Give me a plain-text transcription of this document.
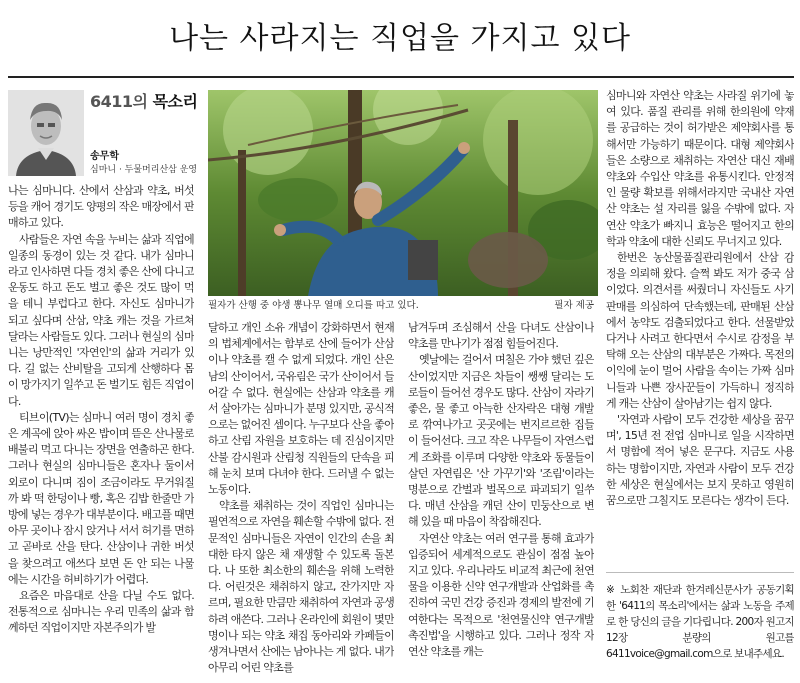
나는 사라지는 직업을 가지고 있다
6411의 목소리
송무학
심마니 · 두물머리산삼 운영
필자가 산행 중 야생 뽕나무 열매 오디를 따고 있다.	필자 제공

나는 심마니다. 산에서 산삼과 약초, 버섯 등을 캐어 경기도 양평의 작은 매장에서 판매하고 있다.

사람들은 자연 속을 누비는 삶과 직업에 일종의 동경이 있는 것 같다. 내가 심마니라고 인사하면 다들 경치 좋은 산에 다니고 운동도 하고 돈도 벌고 좋은 것도 많이 먹을 테니 부럽다고 한다. 자신도 심마니가 되고 싶다며 산삼, 약초 캐는 것을 가르쳐 달라는 사람들도 있다. 그러나 현실의 심마니는 낭만적인 '자연인'의 삶과 거리가 있다. 길 없는 산비탈을 고되게 산행하다 몸이 망가지기 일쑤고 돈 벌기도 힘든 직업이다.

티브이(TV)는 심마니 여러 명이 경치 좋은 계곡에 앉아 싸온 밥이며 뜯은 산나물로 배불리 먹고 다니는 장면을 연출하곤 한다. 그러나 현실의 심마니들은 혼자나 둘이서 외로이 다니며 짐이 조금이라도 무거워질까 봐 떡 한덩이나 빵, 혹은 김밥 한줄만 가방에 넣는 경우가 대부분이다. 배고플 때면 아무 곳이나 잠시 앉거나 서서 허기를 면하고 곧바로 산을 탄다. 산삼이나 귀한 버섯을 찾으려고 애쓰다 보면 돈 안 되는 나물에는 시간을 허비하기가 어렵다.

요즘은 마음대로 산을 다닐 수도 없다. 전통적으로 심마니는 우리 민족의 삶과 함께하던 직업이지만 자본주의가 발

달하고 개인 소유 개념이 강화하면서 현재의 법체계에서는 함부로 산에 들어가 산삼이나 약초를 캘 수 없게 되었다. 개인 산은 남의 산이어서, 국유림은 국가 산이어서 들어갈 수 없다. 현실에는 산삼과 약초를 캐서 살아가는 심마니가 분명 있지만, 공식적으로는 없어진 셈이다. 누구보다 산을 좋아하고 산림 자원을 보호하는 데 진심이지만 산불 감시원과 산림청 직원들의 단속을 피해 눈치 보며 다녀야 한다. 드러낼 수 없는 노동이다.

약초를 채취하는 것이 직업인 심마니는 필연적으로 자연을 훼손할 수밖에 없다. 전문적인 심마니들은 자연이 인간의 손을 최대한 타지 않은 채 재생할 수 있도록 돌본다. 나 또한 최소한의 훼손을 위해 노력한다. 어린것은 채취하지 않고, 잔가지만 자르며, 필요한 만큼만 채취하여 자연과 공생하려 애쓴다. 그러나 온라인에 회원이 몇만 명이나 되는 약초 채집 동아리와 카페들이 생겨나면서 산에는 남아나는 게 없다. 내가 아무리 어린 약초를

남겨두며 조심해서 산을 다녀도 산삼이나 약초를 만나기가 점점 힘들어진다.

옛날에는 걸어서 며칠은 가야 했던 깊은 산이었지만 지금은 차들이 쌩쌩 달리는 도로들이 들어선 경우도 많다. 산삼이 자라기 좋은, 물 좋고 아늑한 산자락은 대형 개발로 깎여나가고 곳곳에는 번지르르한 집들이 들어선다. 크고 작은 나무들이 자연스럽게 조화를 이루며 다양한 약초와 동물들이 살던 자연림은 '산 가꾸기'와 '조림'이라는 명분으로 간벌과 벌목으로 파괴되기 일쑤다. 매년 산삼을 캐던 산이 민둥산으로 변해 있을 때 마음이 착잡해진다.

자연산 약초는 여러 연구를 통해 효과가 입증되어 세계적으로도 관심이 점점 높아지고 있다. 우리나라도 비교적 최근에 천연물을 이용한 신약 연구개발과 산업화를 촉진하여 국민 건강 증진과 경제의 발전에 기여한다는 목적으로 '천연물신약 연구개발 촉진법'을 시행하고 있다. 그러나 정작 자연산 약초를 캐는

심마니와 자연산 약초는 사라질 위기에 놓여 있다. 품질 관리를 위해 한의원에 약재를 공급하는 것이 허가받은 제약회사를 통해서만 가능하기 때문이다. 대형 제약회사들은 소량으로 채취하는 자연산 대신 재배 약초와 수입산 약초를 유통시킨다. 안정적인 물량 확보를 위해서라지만 국내산 자연산 약초는 설 자리를 잃을 수밖에 없다. 자연산 약초가 빠지니 효능은 떨어지고 한의학과 약초에 대한 신뢰도 무너지고 있다.

한번은 농산물품질관리원에서 산삼 감정을 의뢰해 왔다. 슬쩍 봐도 저가 중국 삼이었다. 의견서를 써줬더니 자신들도 사기 판매를 의심하여 단속했는데, 판매된 산삼에서 농약도 검출되었다고 한다. 선물받았다거나 사려고 한다면서 수시로 감정을 부탁해 오는 산삼의 대부분은 가짜다. 목전의 이익에 눈이 멀어 사람을 속이는 가짜 심마니들과 나쁜 장사꾼들이 가득하니 정직하게 캐는 산삼이 살아남기는 쉽지 않다.

'자연과 사람이 모두 건강한 세상을 꿈꾸며', 15년 전 전업 심마니로 일을 시작하면서 명함에 적어 넣은 문구다. 지금도 사용하는 명함이지만, 자연과 사람이 모두 건강한 세상은 현실에서는 보지 못하고 영원히 꿈으로만 그칠지도 모른다는 생각이 든다.

※ 노회찬 재단과 한겨레신문사가 공동기획한 '6411의 목소리'에서는 삶과 노동을 주제로 한 당신의 글을 기다립니다. 200자 원고지 12장 분량의 원고를 6411voice@gmail.com으로 보내주세요.
